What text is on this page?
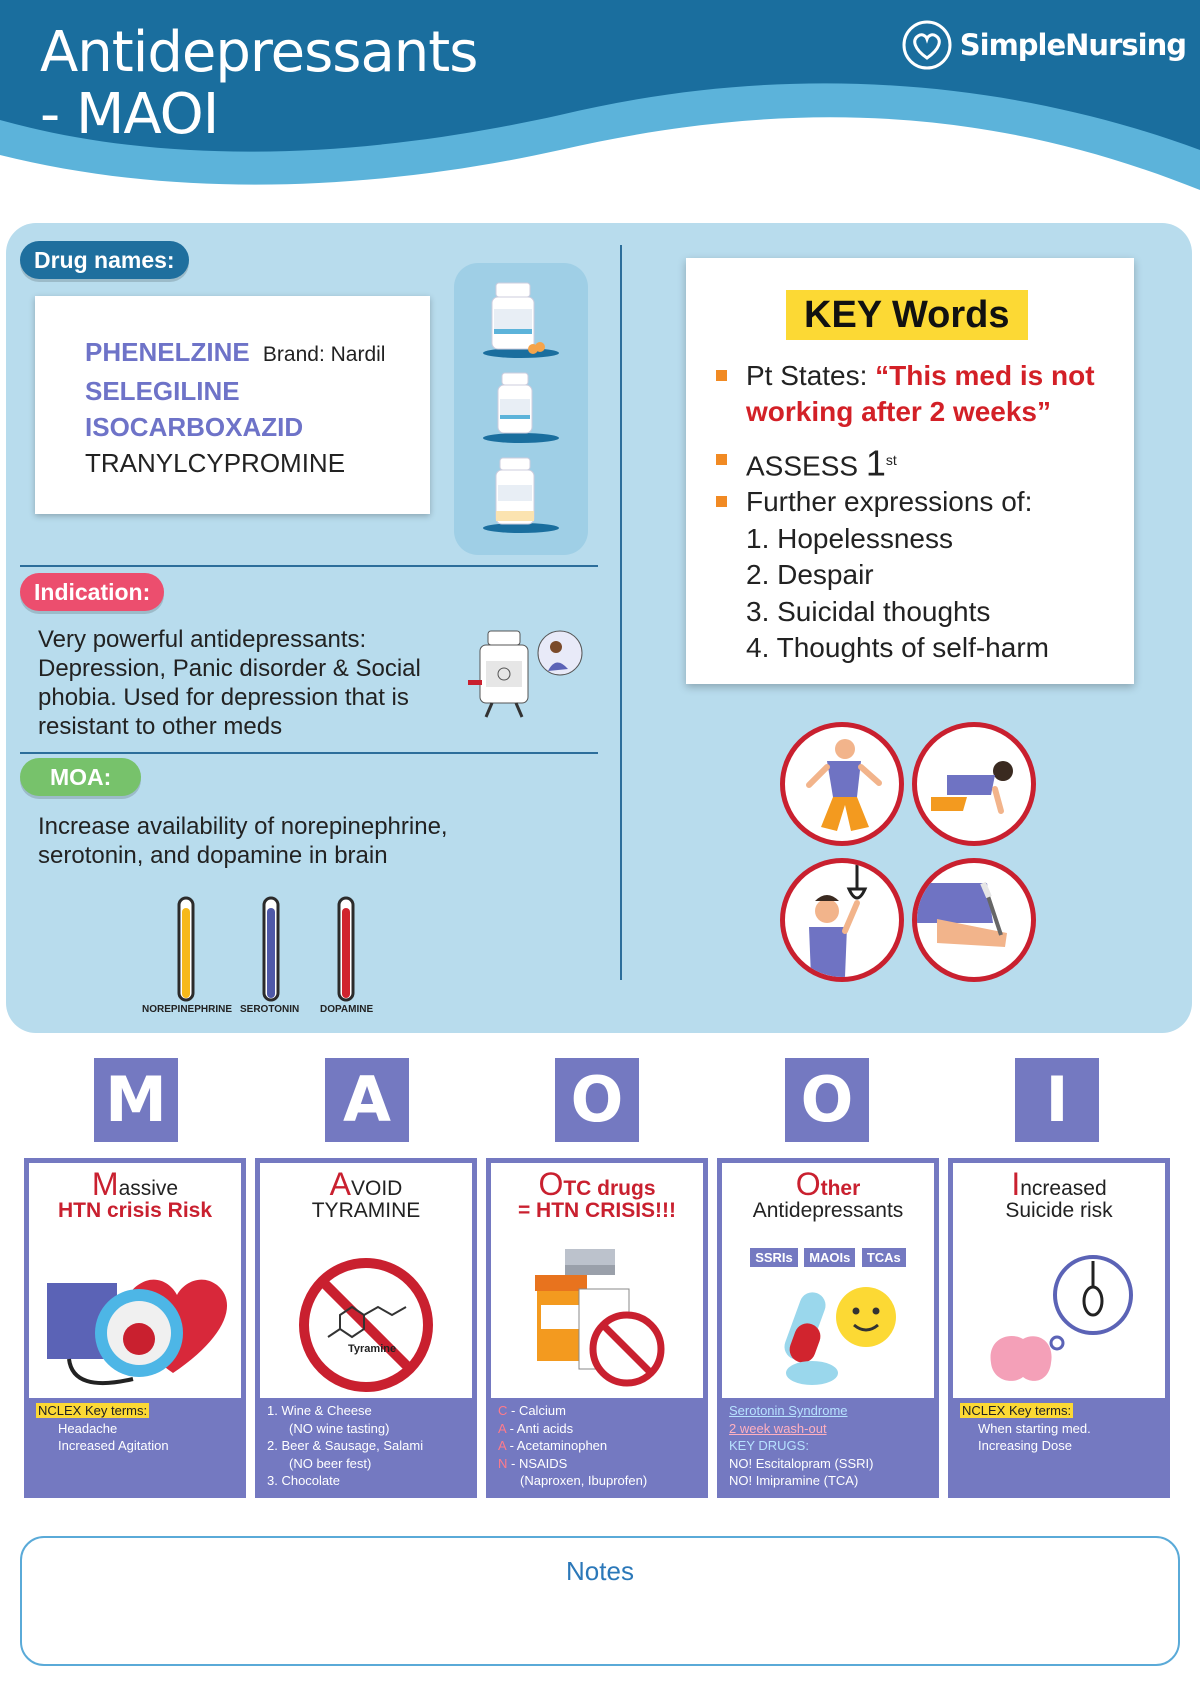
Antidepressants
- MAOI
SimpleNursing
Drug names:
PHENELZINE Brand: Nardil
SELEGILINE
ISOCARBOXAZID
TRANYLCYPROMINE
Indication:
Very powerful antidepressants:
Depression, Panic disorder & Social
phobia. Used for depression that is
resistant to other meds
MOA:
Increase availability of norepinephrine,
serotonin, and dopamine in brain
NOREPINEPHRINE SEROTONIN DOPAMINE
KEY Words
Pt States: “This med is not
working after 2 weeks”
ASSESS 1st
Further expressions of:
1. Hopelessness
2. Despair
3. Suicidal thoughts
4. Thoughts of self-harm
M	A	O	O	I
Massive
HTN crisis Risk
NCLEX Key terms:
Headache
Increased Agitation
AVOID
TYRAMINE
Tyramine
1. Wine & Cheese
(NO wine tasting)
2. Beer & Sausage, Salami
(NO beer fest)
3. Chocolate
OTC drugs
= HTN CRISIS!!!
C - Calcium
A - Anti acids
A - Acetaminophen
N - NSAIDS
(Naproxen, Ibuprofen)
Other
Antidepressants
SSRIs MAOIs TCAs
Serotonin Syndrome
2 week wash-out
KEY DRUGS:
NO! Escitalopram (SSRI)
NO! Imipramine (TCA)
Increased
Suicide risk
NCLEX Key terms:
When starting med.
Increasing Dose
Notes
